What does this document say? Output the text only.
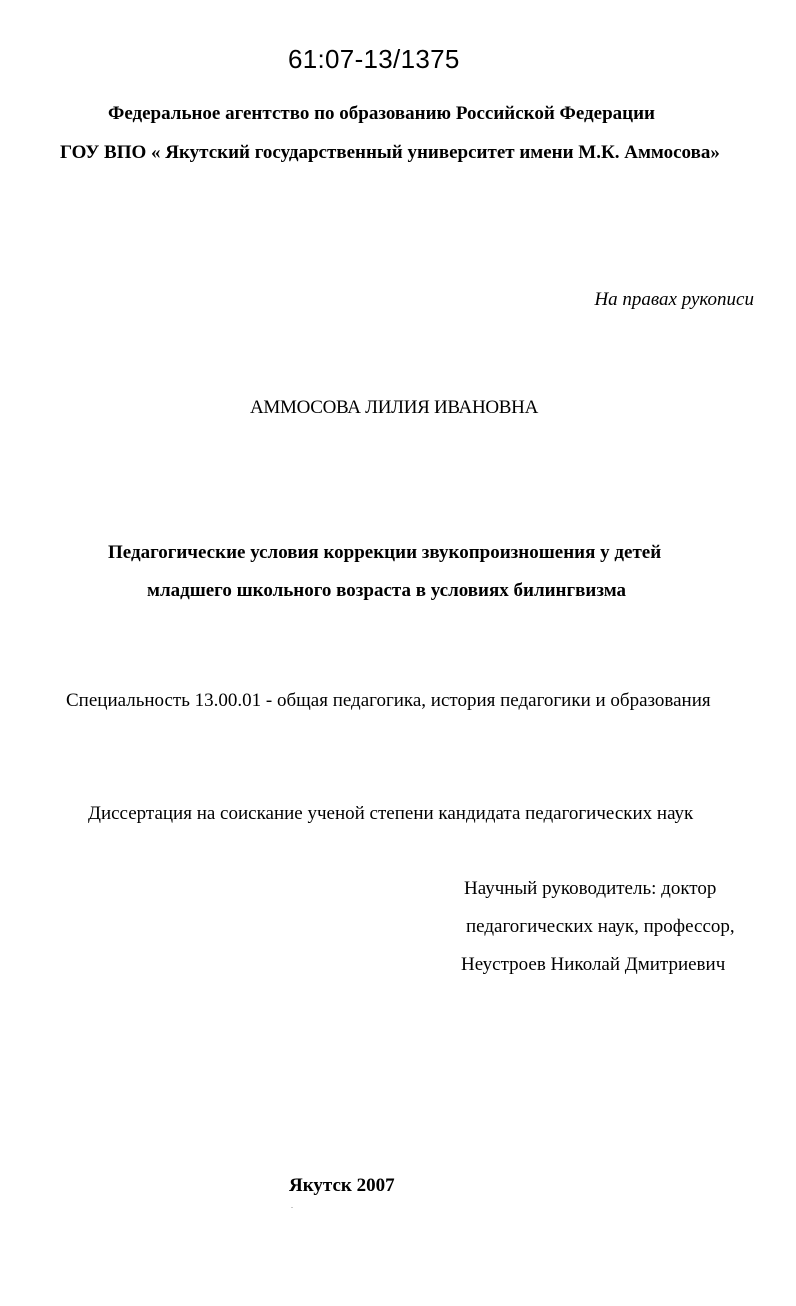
61:07-13/1375
Федеральное агентство по образованию Российской Федерации
ГОУ ВПО « Якутский государственный университет имени М.К. Аммосова»
На правах рукописи
АММОСОВА ЛИЛИЯ ИВАНОВНА
Педагогические условия коррекции звукопроизношения у детей
младшего школьного возраста в условиях билингвизма
Специальность 13.00.01 - общая педагогика, история педагогики и образования
Диссертация на соискание ученой степени кандидата педагогических наук
Научный руководитель: доктор
педагогических наук, профессор,
Неустроев Николай Дмитриевич
Якутск 2007
